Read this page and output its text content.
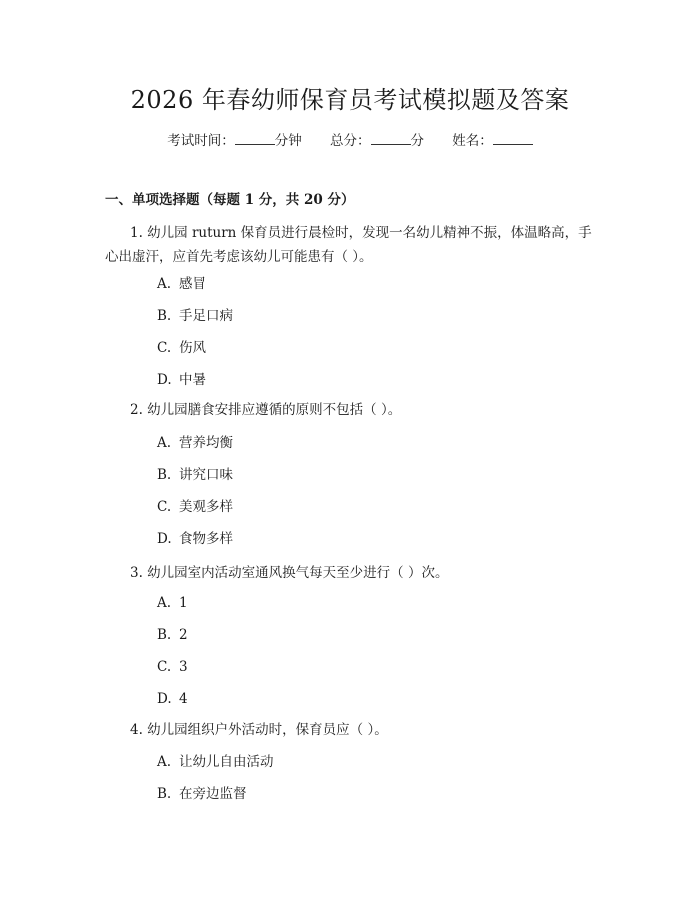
2026 年春幼师保育员考试模拟题及答案
考试时间：	分钟 总分：	分 姓名：
一、单项选择题（每题 1 分，共 20 分）

1. 幼儿园 ruturn 保育员进行晨检时，发现一名幼儿精神不振，体温略高，手心出虚汗，应首先考虑该幼儿可能患有（ ）。

A. 感冒
B. 手足口病
C. 伤风
D. 中暑

2. 幼儿园膳食安排应遵循的原则不包括（ ）。

A. 营养均衡
B. 讲究口味
C. 美观多样
D. 食物多样

3. 幼儿园室内活动室通风换气每天至少进行（ ）次。

A. 1
B. 2
C. 3
D. 4

4. 幼儿园组织户外活动时，保育员应（ ）。

A. 让幼儿自由活动
B. 在旁边监督
